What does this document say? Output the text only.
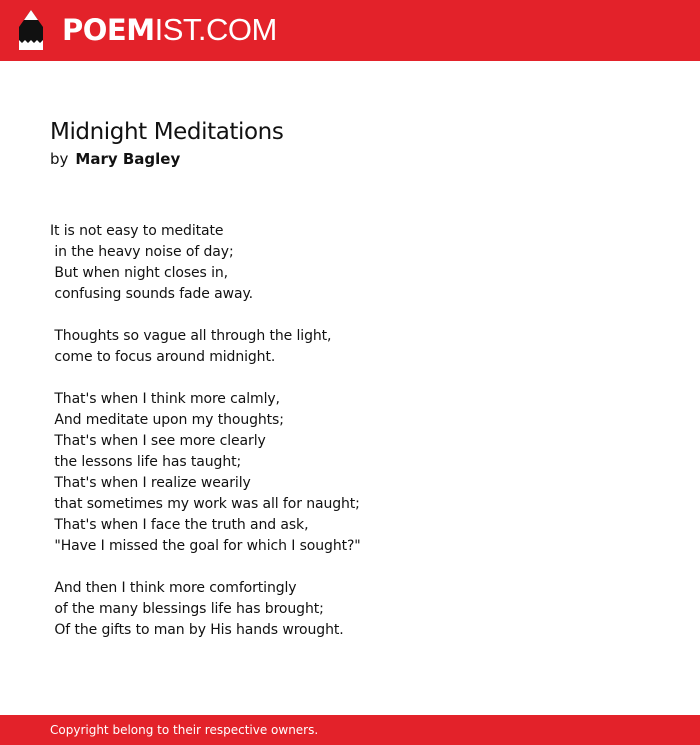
POEMIST.COM
Midnight Meditations
by Mary Bagley
It is not easy to meditate
in the heavy noise of day;
But when night closes in,
confusing sounds fade away.

Thoughts so vague all through the light,
come to focus around midnight.

That's when I think more calmly,
And meditate upon my thoughts;
That's when I see more clearly
the lessons life has taught;
That's when I realize wearily
that sometimes my work was all for naught;
That's when I face the truth and ask,
"Have I missed the goal for which I sought?"

And then I think more comfortingly
of the many blessings life has brought;
Of the gifts to man by His hands wrought.
Copyright belong to their respective owners.
